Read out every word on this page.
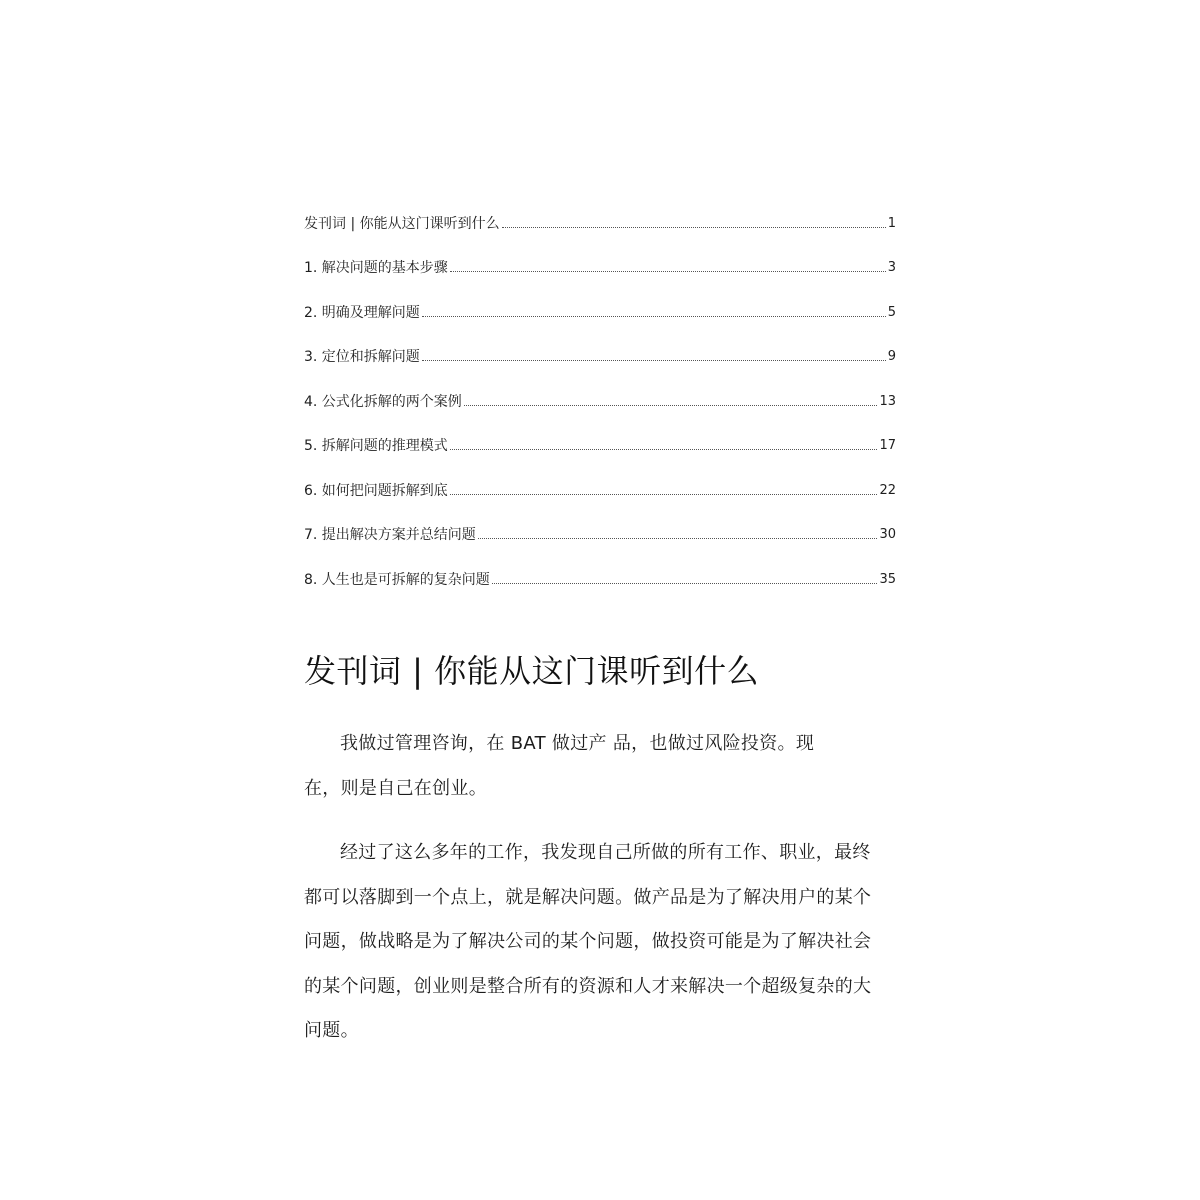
发刊词 | 你能从这门课听到什么	1
1. 解决问题的基本步骤	3
2. 明确及理解问题	5
3. 定位和拆解问题	9
4. 公式化拆解的两个案例	13
5. 拆解问题的推理模式	17
6. 如何把问题拆解到底	22
7. 提出解决方案并总结问题	30
8. 人生也是可拆解的复杂问题	35
发刊词 | 你能从这门课听到什么

我做过管理咨询，在 BAT 做过产 品，也做过风险投资。现在，则是自己在创业。

经过了这么多年的工作，我发现自己所做的所有工作、职业，最终都可以落脚到一个点上，就是解决问题。做产品是为了解决用户的某个问题，做战略是为了解决公司的某个问题，做投资可能是为了解决社会的某个问题，创业则是整合所有的资源和人才来解决一个超级复杂的大问题。
